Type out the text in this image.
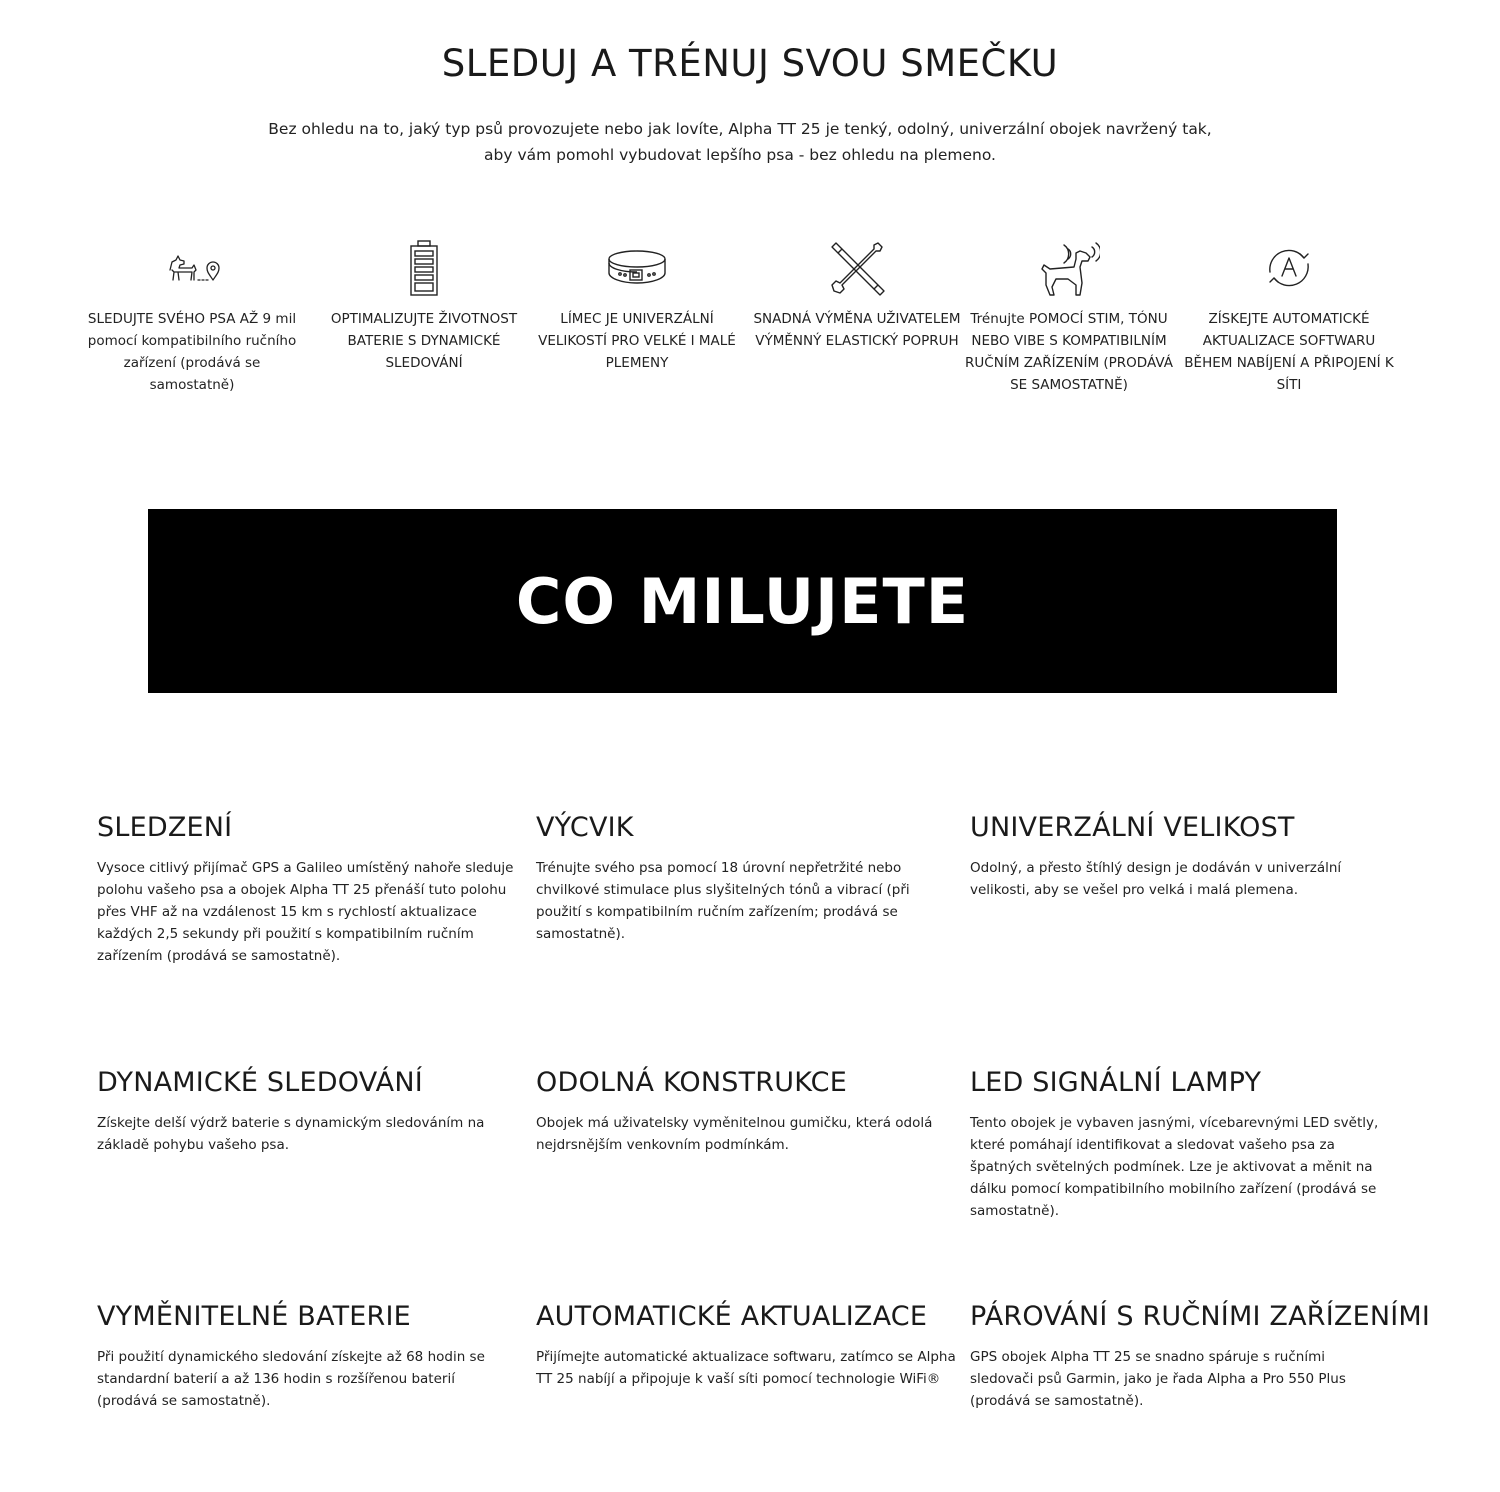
SLEDUJ A TRÉNUJ SVOU SMEČKU

Bez ohledu na to, jaký typ psů provozujete nebo jak lovíte, Alpha TT 25 je tenký, odolný, univerzální obojek navržený tak, aby vám pomohl vybudovat lepšího psa - bez ohledu na plemeno.

SLEDUJTE SVÉHO PSA AŽ 9 mil pomocí kompatibilního ručního zařízení (prodává se samostatně)

OPTIMALIZUJTE ŽIVOTNOST BATERIE S DYNAMICKÉ SLEDOVÁNÍ

LÍMEC JE UNIVERZÁLNÍ VELIKOSTÍ PRO VELKÉ I MALÉ PLEMENY

SNADNÁ VÝMĚNA UŽIVATELEM VÝMĚNNÝ ELASTICKÝ POPRUH

Trénujte POMOCÍ STIM, TÓNU NEBO VIBE S KOMPATIBILNÍM RUČNÍM ZAŘÍZENÍM (PRODÁVÁ SE SAMOSTATNĚ)

ZÍSKEJTE AUTOMATICKÉ AKTUALIZACE SOFTWARU BĚHEM NABÍJENÍ A PŘIPOJENÍ K SÍTI

CO MILUJETE
SLEDZENÍ

Vysoce citlivý přijímač GPS a Galileo umístěný nahoře sleduje polohu vašeho psa a obojek Alpha TT 25 přenáší tuto polohu přes VHF až na vzdálenost 15 km s rychlostí aktualizace každých 2,5 sekundy při použití s kompatibilním ručním zařízením (prodává se samostatně).

VÝCVIK

Trénujte svého psa pomocí 18 úrovní nepřetržité nebo chvilkové stimulace plus slyšitelných tónů a vibrací (při použití s kompatibilním ručním zařízením; prodává se samostatně).

UNIVERZÁLNÍ VELIKOST

Odolný, a přesto štíhlý design je dodáván v univerzální velikosti, aby se vešel pro velká i malá plemena.

DYNAMICKÉ SLEDOVÁNÍ

Získejte delší výdrž baterie s dynamickým sledováním na základě pohybu vašeho psa.

ODOLNÁ KONSTRUKCE

Obojek má uživatelsky vyměnitelnou gumičku, která odolá nejdrsnějším venkovním podmínkám.

LED SIGNÁLNÍ LAMPY

Tento obojek je vybaven jasnými, vícebarevnými LED světly, které pomáhají identifikovat a sledovat vašeho psa za špatných světelných podmínek. Lze je aktivovat a měnit na dálku pomocí kompatibilního mobilního zařízení (prodává se samostatně).

VYMĚNITELNÉ BATERIE

Při použití dynamického sledování získejte až 68 hodin se standardní baterií a až 136 hodin s rozšířenou baterií (prodává se samostatně).

AUTOMATICKÉ AKTUALIZACE

Přijímejte automatické aktualizace softwaru, zatímco se Alpha TT 25 nabíjí a připojuje k vaší síti pomocí technologie WiFi®

PÁROVÁNÍ S RUČNÍMI ZAŘÍZENÍMI

GPS obojek Alpha TT 25 se snadno spáruje s ručními sledovači psů Garmin, jako je řada Alpha a Pro 550 Plus (prodává se samostatně).
